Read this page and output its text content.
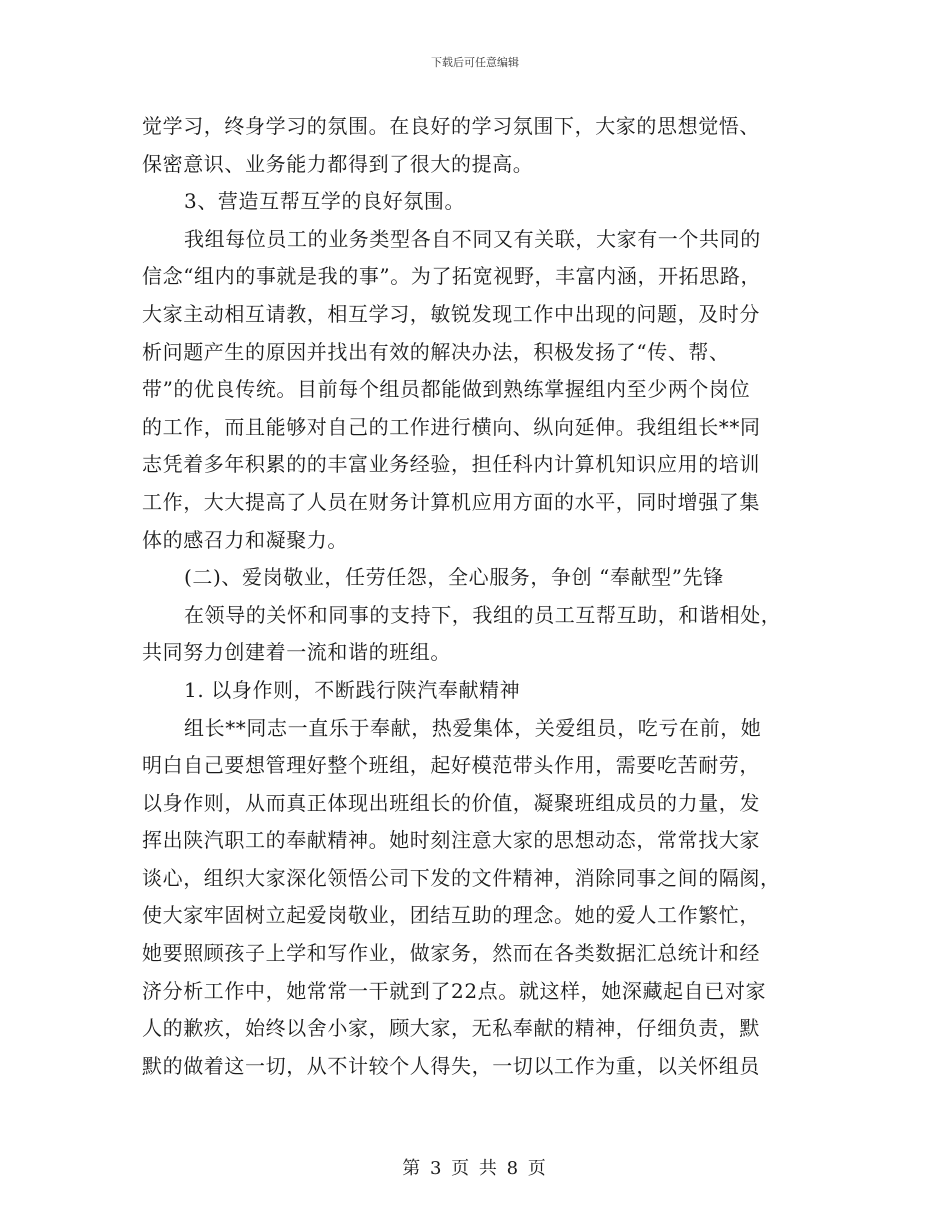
下载后可任意编辑
觉学习，终身学习的氛围。在良好的学习氛围下，大家的思想觉悟、
保密意识、业务能力都得到了很大的提高。
3、营造互帮互学的良好氛围。
我组每位员工的业务类型各自不同又有关联，大家有一个共同的
信念“组内的事就是我的事”。为了拓宽视野，丰富内涵，开拓思路，
大家主动相互请教，相互学习，敏锐发现工作中出现的问题，及时分
析问题产生的原因并找出有效的解决办法，积极发扬了“传、帮、
带”的优良传统。目前每个组员都能做到熟练掌握组内至少两个岗位
的工作，而且能够对自己的工作进行横向、纵向延伸。我组组长**同
志凭着多年积累的的丰富业务经验，担任科内计算机知识应用的培训
工作，大大提高了人员在财务计算机应用方面的水平，同时增强了集
体的感召力和凝聚力。
(二)、爱岗敬业，任劳任怨，全心服务，争创 “奉献型”先锋
在领导的关怀和同事的支持下，我组的员工互帮互助，和谐相处，
共同努力创建着一流和谐的班组。
1. 以身作则，不断践行陕汽奉献精神
组长**同志一直乐于奉献，热爱集体，关爱组员，吃亏在前，她
明白自己要想管理好整个班组，起好模范带头作用，需要吃苦耐劳，
以身作则，从而真正体现出班组长的价值，凝聚班组成员的力量，发
挥出陕汽职工的奉献精神。她时刻注意大家的思想动态，常常找大家
谈心，组织大家深化领悟公司下发的文件精神，消除同事之间的隔阂，
使大家牢固树立起爱岗敬业，团结互助的理念。她的爱人工作繁忙，
她要照顾孩子上学和写作业，做家务，然而在各类数据汇总统计和经
济分析工作中，她常常一干就到了22点。就这样，她深藏起自已对家
人的歉疚，始终以舍小家，顾大家，无私奉献的精神，仔细负责，默
默的做着这一切，从不计较个人得失，一切以工作为重，以关怀组员
第 3 页 共 8 页
